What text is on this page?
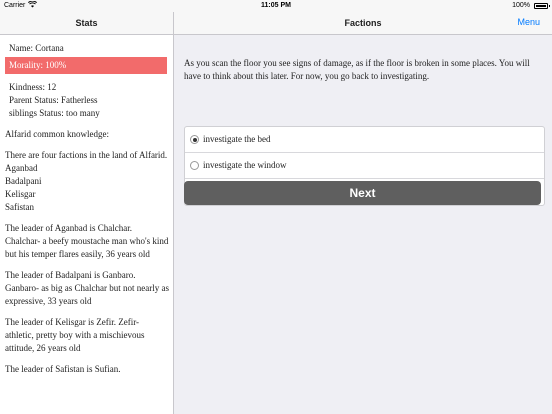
Carrier	11:05 PM	100%
Stats	Factions	Menu
Name: Cortana
Morality: 100%
Kindness: 12
Parent Status: Fatherless
siblings Status: too many
Alfarid common knowledge:
There are four factions in the land of Alfarid.
Aganbad
Badalpani
Kelisgar
Safistan
The leader of Aganbad is Chalchar. Chalchar- a beefy moustache man who's kind but his temper flares easily, 36 years old
The leader of Badalpani is Ganbaro. Ganbaro- as big as Chalchar but not nearly as expressive, 33 years old
The leader of Kelisgar is Zefir. Zefir- athletic, pretty boy with a mischievous attitude, 26 years old
The leader of Safistan is Sufian.
As you scan the floor you see signs of damage, as if the floor is broken in some places. You will have to think about this later. For now, you go back to investigating.
investigate the bed
investigate the window
Next
